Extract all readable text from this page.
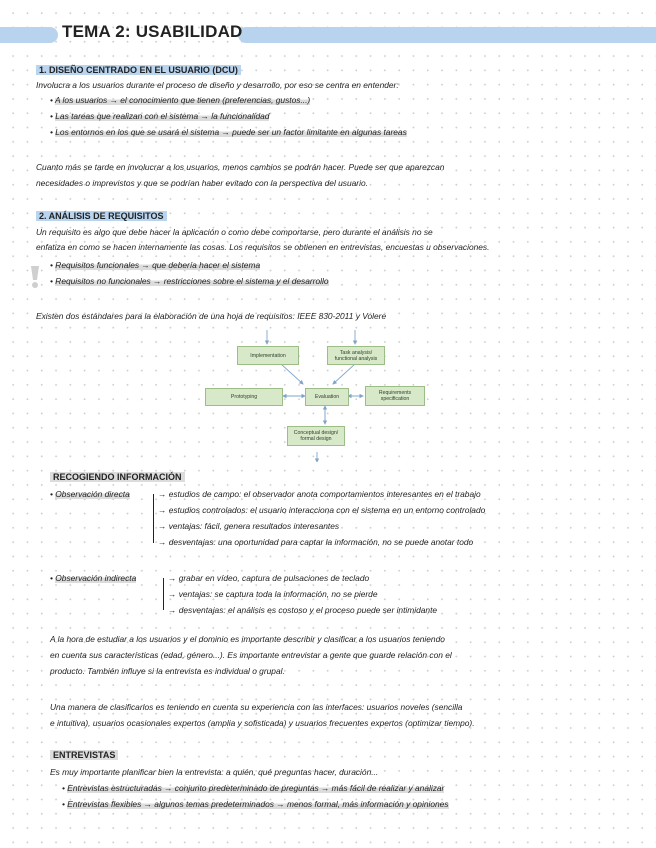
TEMA 2: USABILIDAD
1. DISEÑO CENTRADO EN EL USUARIO (DCU)
Involucra a los usuarios durante el proceso de diseño y desarrollo, por eso se centra en entender:
• A los usuarios → el conocimiento que tienen (preferencias, gustos...)
• Las tareas que realizan con el sistema → la funcionalidad
• Los entornos en los que se usará el sistema → puede ser un factor limitante en algunas tareas
Cuanto más se tarde en involucrar a los usuarios, menos cambios se podrán hacer. Puede ser que aparezcan
necesidades o imprevistos y que se podrían haber evitado con la perspectiva del usuario.
2. ANÁLISIS DE REQUISITOS
Un requisito es algo que debe hacer la aplicación o como debe comportarse, pero durante el análisis no se
enfatiza en como se hacen internamente las cosas. Los requisitos se obtienen en entrevistas, encuestas u observaciones.
• Requisitos funcionales → que debería hacer el sistema
• Requisitos no funcionales → restricciones sobre el sistema y el desarrollo
Existen dos estándares para la elaboración de una hoja de requisitos: IEEE 830-2011 y Volere
Implementation	Task analysis/
functional analysis
Prototyping	Evaluation
Requirements
specification
Conceptual design/
formal design
RECOGIENDO INFORMACIÓN
• Observación directa	→ estudios de campo: el observador anota comportamientos interesantes en el trabajo
→ estudios controlados: el usuario interacciona con el sistema en un entorno controlado
→ ventajas: fácil, genera resultados interesantes
→ desventajas: una oportunidad para captar la información, no se puede anotar todo
• Observación indirecta	→ grabar en vídeo, captura de pulsaciones de teclado
→ ventajas: se captura toda la información, no se pierde
→ desventajas: el análisis es costoso y el proceso puede ser intimidante
A la hora de estudiar a los usuarios y el dominio es importante describir y clasificar a los usuarios teniendo
en cuenta sus características (edad, género...). Es importante entrevistar a gente que guarde relación con el
producto. También influye si la entrevista es individual o grupal.
Una manera de clasificarlos es teniendo en cuenta su experiencia con las interfaces: usuarios noveles (sencilla
e intuitiva), usuarios ocasionales expertos (amplia y sofisticada) y usuarios frecuentes expertos (optimizar tiempo).
ENTREVISTAS
Es muy importante planificar bien la entrevista: a quién, qué preguntas hacer, duración...
• Entrevistas estructuradas → conjunto predeterminado de preguntas → más fácil de realizar y analizar
• Entrevistas flexibles → algunos temas predeterminados → menos formal, más información y opiniones
